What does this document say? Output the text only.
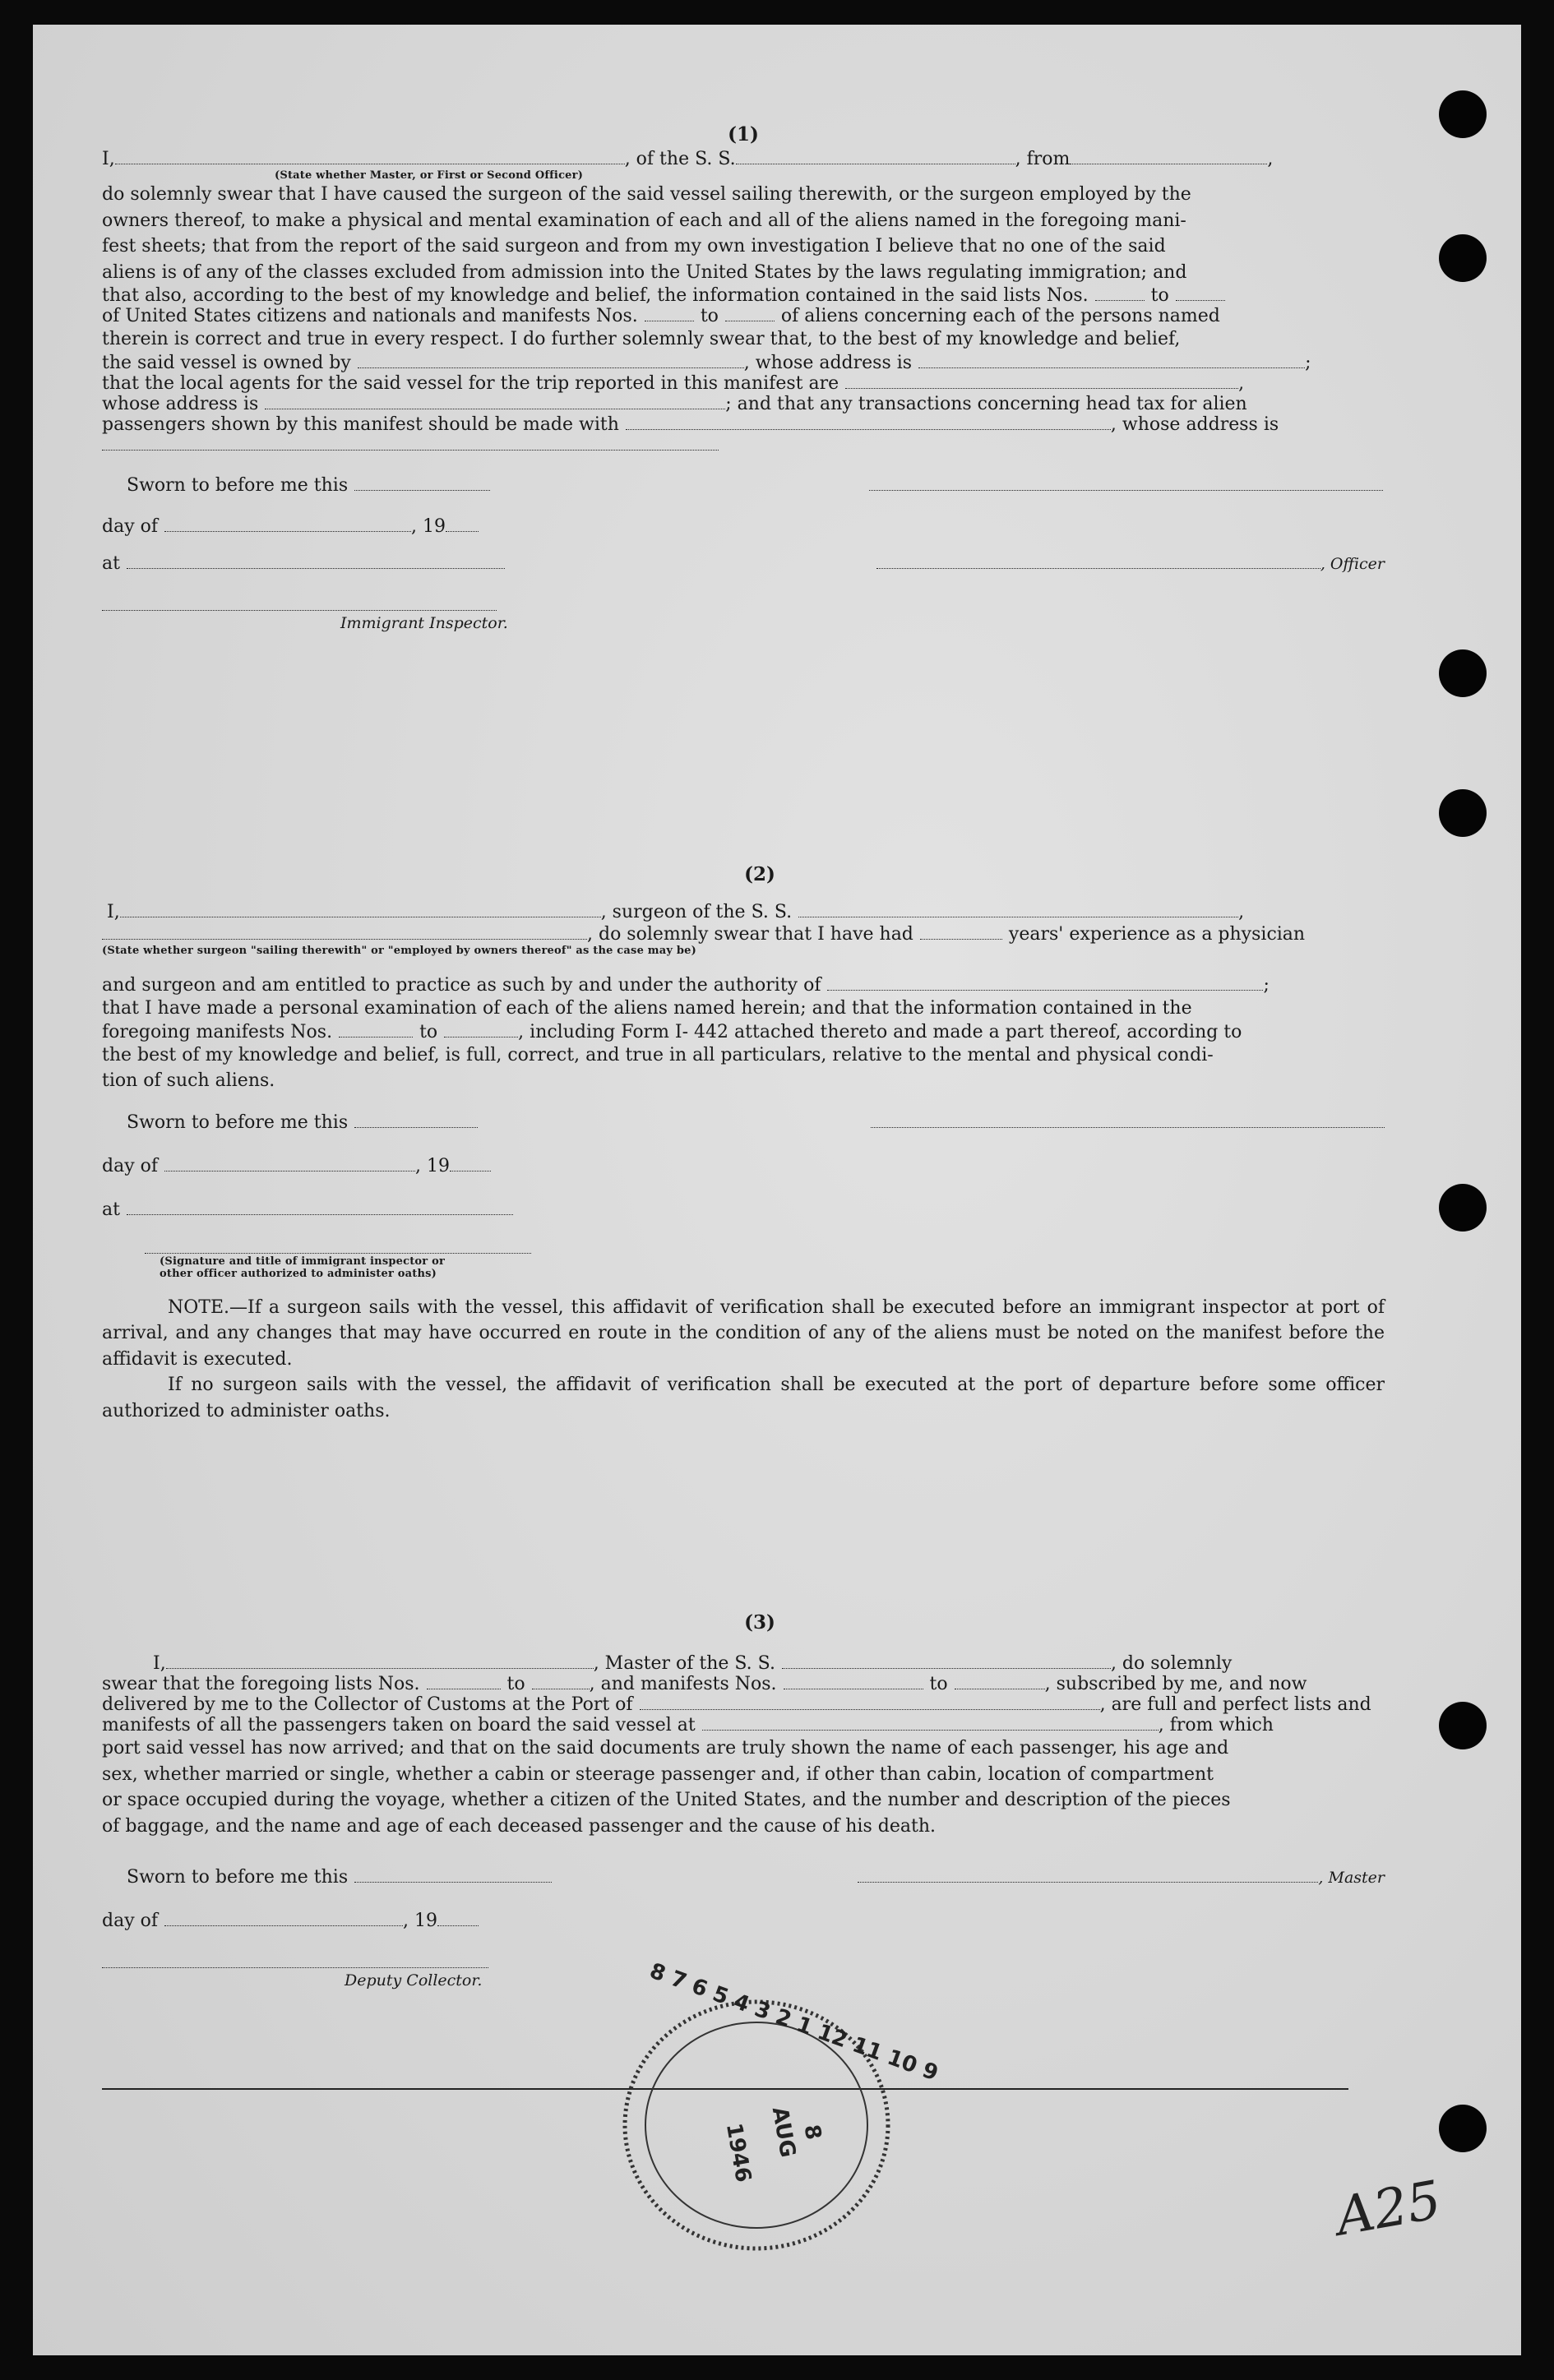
(1)
I,	, of the S. S.	, from	,
(State whether Master, or First or Second Officer)
do solemnly swear that I have caused the surgeon of the said vessel sailing therewith, or the surgeon employed by the
owners thereof, to make a physical and mental examination of each and all of the aliens named in the foregoing mani-
fest sheets; that from the report of the said surgeon and from my own investigation I believe that no one of the said
aliens is of any of the classes excluded from admission into the United States by the laws regulating immigration; and
that also, according to the best of my knowledge and belief, the information contained in the said lists Nos.	to
of United States citizens and nationals and manifests Nos.	to	of aliens concerning each of the persons named
therein is correct and true in every respect. I do further solemnly swear that, to the best of my knowledge and belief,
the said vessel is owned by	, whose address is	;
that the local agents for the said vessel for the trip reported in this manifest are	,
whose address is	; and that any transactions concerning head tax for alien
passengers shown by this manifest should be made with	, whose address is
Sworn to before me this
day of	, 19
at	, Officer
Immigrant Inspector.
(2)
I,	, surgeon of the S. S.	,
, do solemnly swear that I have had	years' experience as a physician
(State whether surgeon "sailing therewith" or "employed by owners thereof" as the case may be)
and surgeon and am entitled to practice as such by and under the authority of	;
that I have made a personal examination of each of the aliens named herein; and that the information contained in the
foregoing manifests Nos.	to	, including Form I- 442 attached thereto and made a part thereof, according to
the best of my knowledge and belief, is full, correct, and true in all particulars, relative to the mental and physical condi-
tion of such aliens.
Sworn to before me this
day of	, 19
at
(Signature and title of immigrant inspector or
other officer authorized to administer oaths)
NOTE.—If a surgeon sails with the vessel, this affidavit of verification shall be executed before an immigrant inspector at port of arrival, and any changes that may have occurred en route in the condition of any of the aliens must be noted on the manifest before the affidavit is executed.
If no surgeon sails with the vessel, the affidavit of verification shall be executed at the port of departure before some officer authorized to administer oaths.
(3)
I,	, Master of the S. S.	, do solemnly
swear that the foregoing lists Nos.	to	, and manifests Nos.	to	, subscribed by me, and now
delivered by me to the Collector of Customs at the Port of	, are full and perfect lists and
manifests of all the passengers taken on board the said vessel at	, from which
port said vessel has now arrived; and that on the said documents are truly shown the name of each passenger, his age and
sex, whether married or single, whether a cabin or steerage passenger and, if other than cabin, location of compartment
or space occupied during the voyage, whether a citizen of the United States, and the number and description of the pieces
of baggage, and the name and age of each deceased passenger and the cause of his death.
Sworn to before me this	, Master
day of	, 19
Deputy Collector.	8 7 6 5 4 3 2 1 12 11 10 9
AUG
8
1946
A25
